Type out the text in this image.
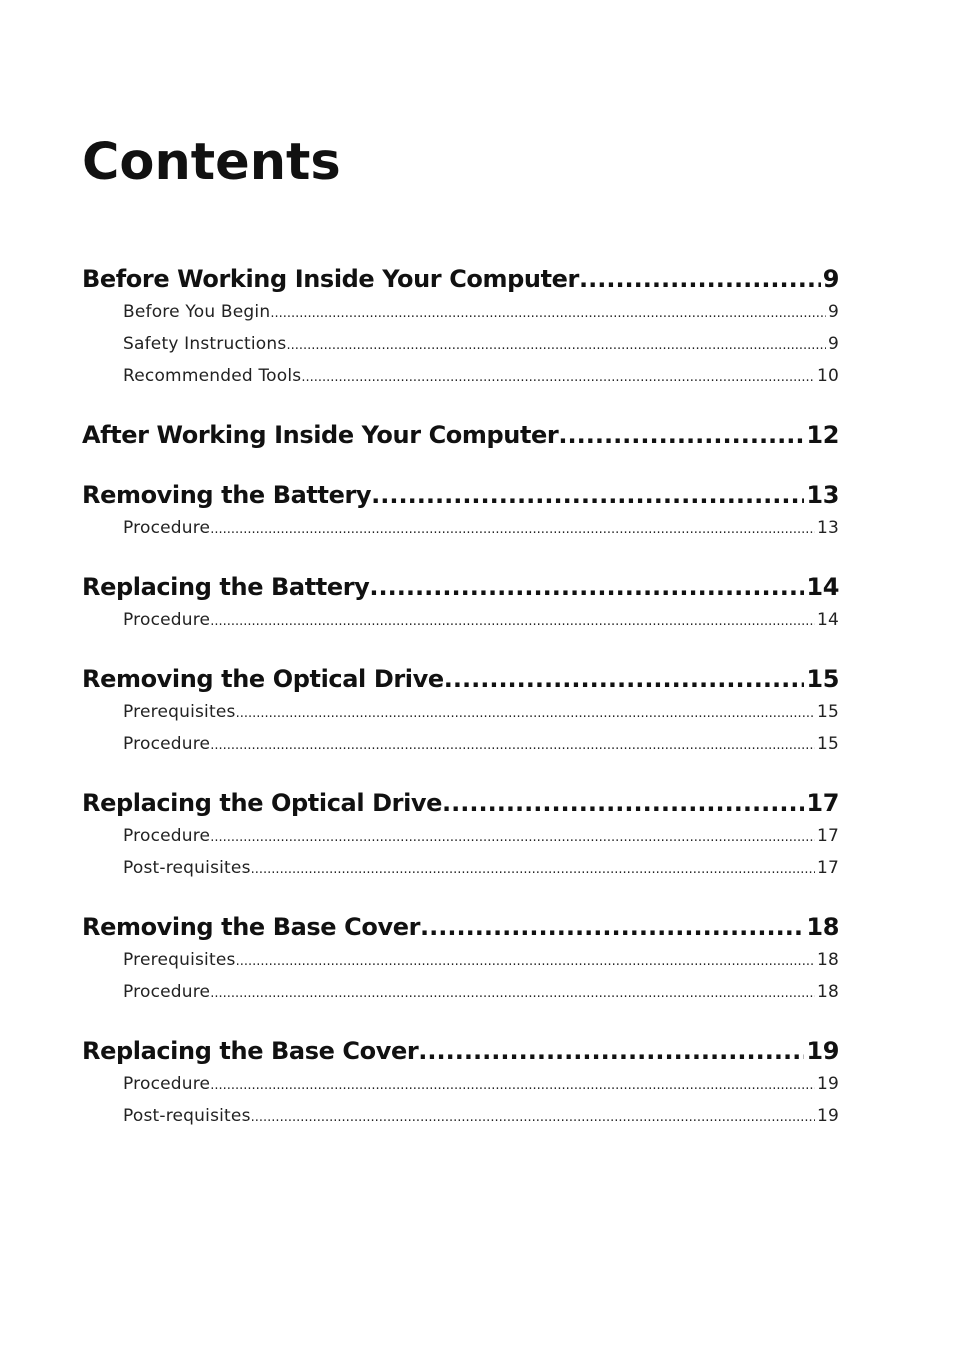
Contents
Before Working Inside Your Computer .....	9
Before You Begin .....	9
Safety Instructions .....	9
Recommended Tools .....	10
After Working Inside Your Computer .....	12
Removing the Battery .....	13
Procedure .....	13
Replacing the Battery .....	14
Procedure .....	14
Removing the Optical Drive .....	15
Prerequisites .....	15
Procedure .....	15
Replacing the Optical Drive .....	17
Procedure .....	17
Post-requisites .....	17
Removing the Base Cover .....	18
Prerequisites .....	18
Procedure .....	18
Replacing the Base Cover .....	19
Procedure .....	19
Post-requisites .....	19
